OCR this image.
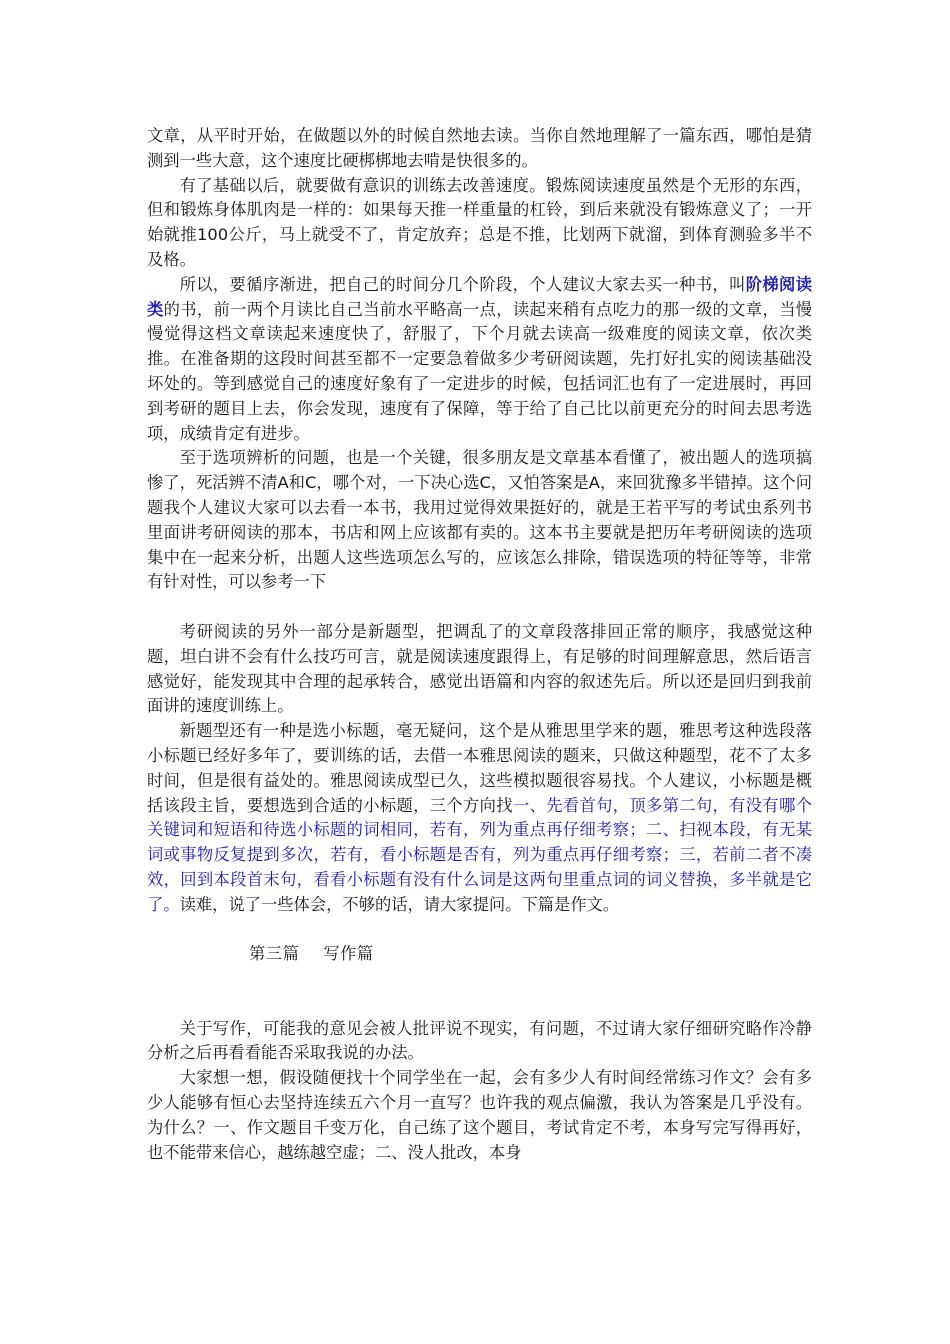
文章，从平时开始，在做题以外的时候自然地去读。当你自然地理解了一篇东西，哪怕是猜测到一些大意，这个速度比硬梆梆地去啃是快很多的。

有了基础以后，就要做有意识的训练去改善速度。锻炼阅读速度虽然是个无形的东西，但和锻炼身体肌肉是一样的：如果每天推一样重量的杠铃，到后来就没有锻炼意义了；一开始就推100公斤，马上就受不了，肯定放弃；总是不推，比划两下就溜，到体育测验多半不及格。

所以，要循序渐进，把自己的时间分几个阶段，个人建议大家去买一种书，叫阶梯阅读类的书，前一两个月读比自己当前水平略高一点，读起来稍有点吃力的那一级的文章，当慢慢觉得这档文章读起来速度快了，舒服了，下个月就去读高一级难度的阅读文章，依次类推。在准备期的这段时间甚至都不一定要急着做多少考研阅读题，先打好扎实的阅读基础没坏处的。等到感觉自己的速度好象有了一定进步的时候，包括词汇也有了一定进展时，再回到考研的题目上去，你会发现，速度有了保障，等于给了自己比以前更充分的时间去思考选项，成绩肯定有进步。

至于选项辨析的问题，也是一个关键，很多朋友是文章基本看懂了，被出题人的选项搞惨了，死活辨不清A和C，哪个对，一下决心选C，又怕答案是A，来回犹豫多半错掉。这个问题我个人建议大家可以去看一本书，我用过觉得效果挺好的，就是王若平写的考试虫系列书里面讲考研阅读的那本，书店和网上应该都有卖的。这本书主要就是把历年考研阅读的选项集中在一起来分析，出题人这些选项怎么写的，应该怎么排除，错误选项的特征等等，非常有针对性，可以参考一下

考研阅读的另外一部分是新题型，把调乱了的文章段落排回正常的顺序，我感觉这种题，坦白讲不会有什么技巧可言，就是阅读速度跟得上，有足够的时间理解意思，然后语言感觉好，能发现其中合理的起承转合，感觉出语篇和内容的叙述先后。所以还是回归到我前面讲的速度训练上。

新题型还有一种是选小标题，毫无疑问，这个是从雅思里学来的题，雅思考这种选段落小标题已经好多年了，要训练的话，去借一本雅思阅读的题来，只做这种题型，花不了太多时间，但是很有益处的。雅思阅读成型已久，这些模拟题很容易找。个人建议，小标题是概括该段主旨，要想选到合适的小标题，三个方向找一、先看首句，顶多第二句，有没有哪个关键词和短语和待选小标题的词相同，若有，列为重点再仔细考察；二、扫视本段，有无某词或事物反复提到多次，若有，看小标题是否有，列为重点再仔细考察；三，若前二者不凑效，回到本段首末句，看看小标题有没有什么词是这两句里重点词的词义替换，多半就是它了。读难，说了一些体会，不够的话，请大家提问。下篇是作文。

第三篇 写作篇

关于写作，可能我的意见会被人批评说不现实，有问题，不过请大家仔细研究略作冷静分析之后再看看能否采取我说的办法。

大家想一想，假设随便找十个同学坐在一起，会有多少人有时间经常练习作文？会有多少人能够有恒心去坚持连续五六个月一直写？也许我的观点偏激，我认为答案是几乎没有。为什么？一、作文题目千变万化，自己练了这个题目，考试肯定不考，本身写完写得再好，也不能带来信心，越练越空虚；二、没人批改，本身
